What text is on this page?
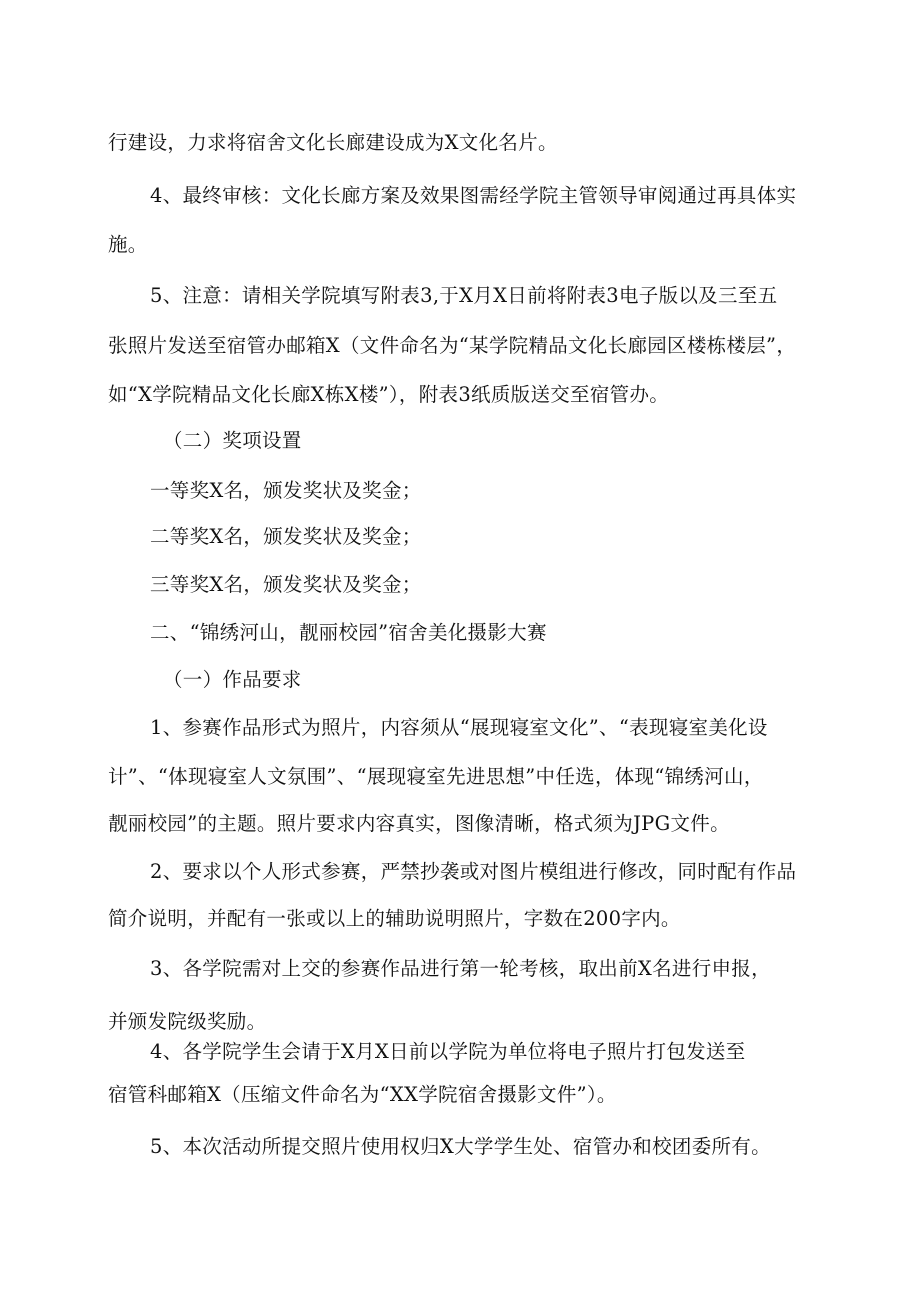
行建设，力求将宿舍文化长廊建设成为X文化名片。
4、最终审核：文化长廊方案及效果图需经学院主管领导审阅通过再具体实
施。
5、注意：请相关学院填写附表3,于X月X日前将附表3电子版以及三至五
张照片发送至宿管办邮箱X（文件命名为“某学院精品文化长廊园区楼栋楼层”，
如“X学院精品文化长廊X栋X楼”），附表3纸质版送交至宿管办。
（二）奖项设置
一等奖X名，颁发奖状及奖金；
二等奖X名，颁发奖状及奖金；
三等奖X名，颁发奖状及奖金；
二、“锦绣河山，靓丽校园”宿舍美化摄影大赛
（一）作品要求
1、参赛作品形式为照片，内容须从“展现寝室文化”、“表现寝室美化设
计”、“体现寝室人文氛围”、“展现寝室先进思想”中任选，体现“锦绣河山，
靓丽校园”的主题。照片要求内容真实，图像清晰，格式须为JPG文件。
2、要求以个人形式参赛，严禁抄袭或对图片模组进行修改，同时配有作品
简介说明，并配有一张或以上的辅助说明照片，字数在200字内。
3、各学院需对上交的参赛作品进行第一轮考核，取出前X名进行申报，
并颁发院级奖励。
4、各学院学生会请于X月X日前以学院为单位将电子照片打包发送至
宿管科邮箱X（压缩文件命名为“XX学院宿舍摄影文件”）。
5、本次活动所提交照片使用权归X大学学生处、宿管办和校团委所有。
